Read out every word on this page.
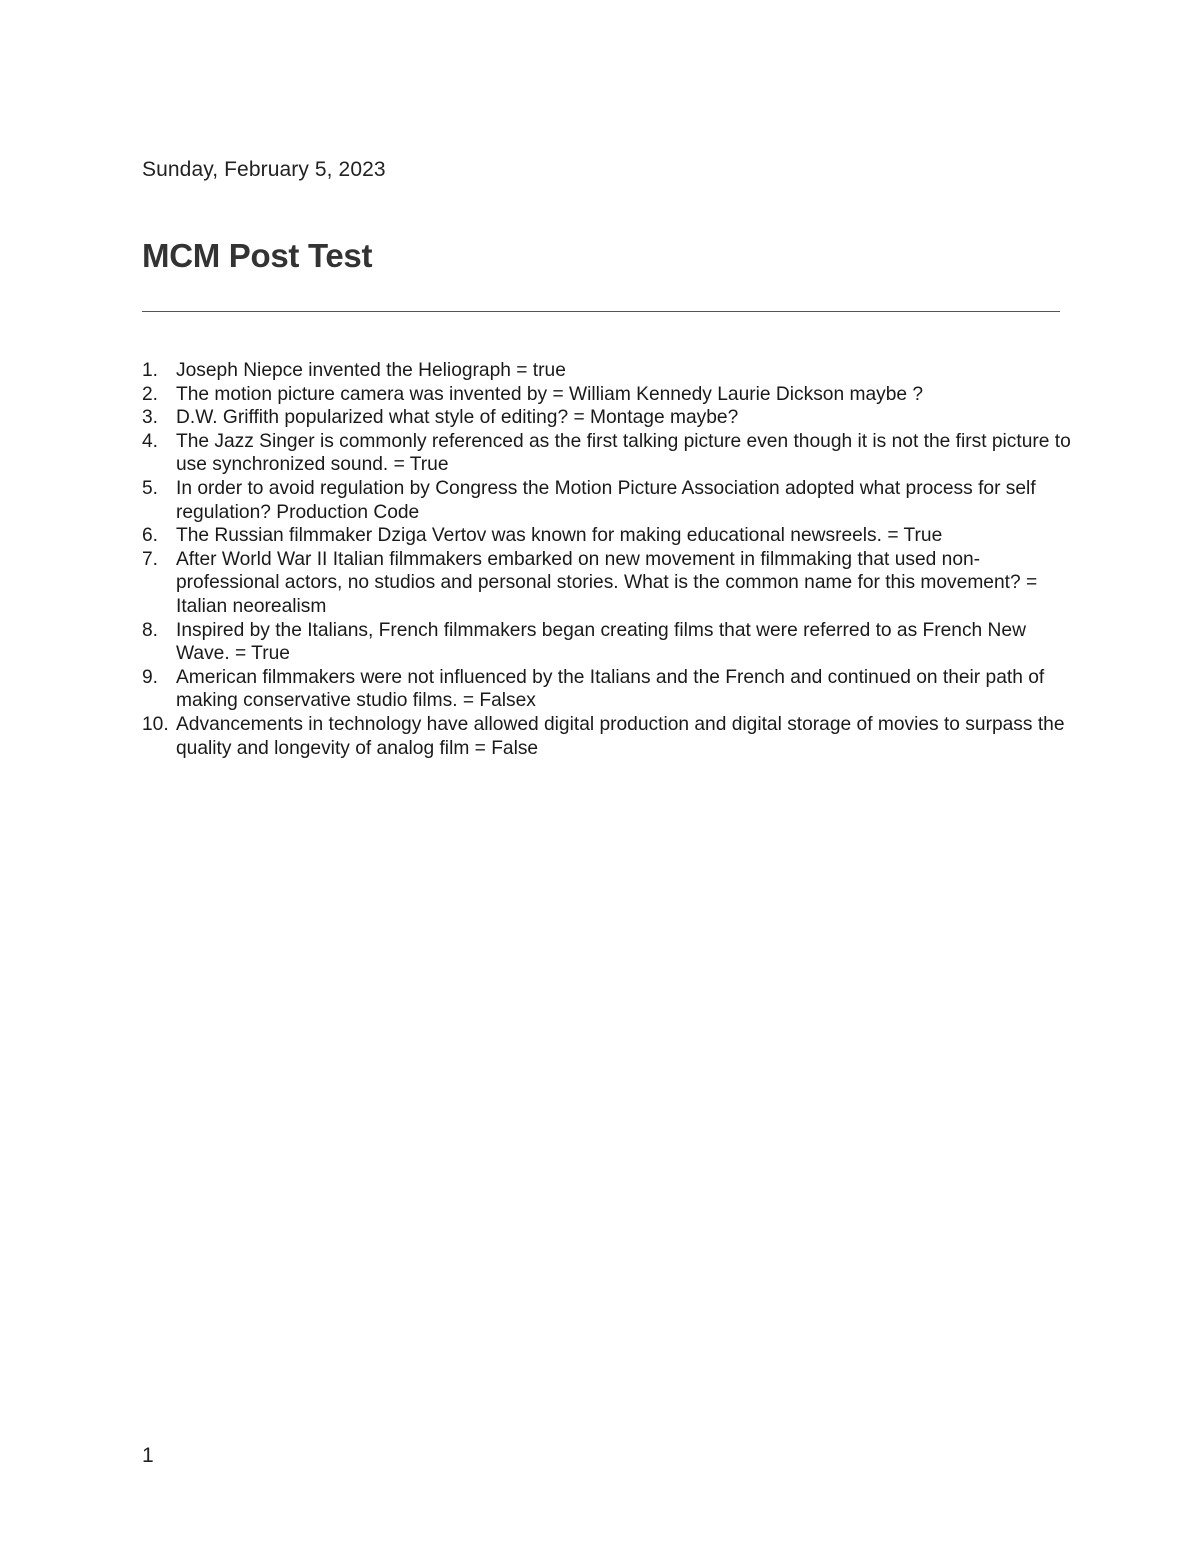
Sunday, February 5, 2023
MCM Post Test
1. Joseph Niepce invented the Heliograph = true
2. The motion picture camera was invented by = William Kennedy Laurie Dickson maybe ?
3. D.W. Griffith popularized what style of editing? = Montage maybe?
4. The Jazz Singer is commonly referenced as the first talking picture even though it is not the first picture to use synchronized sound. = True
5. In order to avoid regulation by Congress the Motion Picture Association adopted what process for self regulation? Production Code
6. The Russian filmmaker Dziga Vertov was known for making educational newsreels. = True
7. After World War II Italian filmmakers embarked on new movement in filmmaking that used non-professional actors, no studios and personal stories. What is the common name for this movement? = Italian neorealism
8. Inspired by the Italians, French filmmakers began creating films that were referred to as French New Wave. = True
9. American filmmakers were not influenced by the Italians and the French and continued on their path of making conservative studio films. = Falsex
10. Advancements in technology have allowed digital production and digital storage of movies to surpass the quality and longevity of analog film = False
1
